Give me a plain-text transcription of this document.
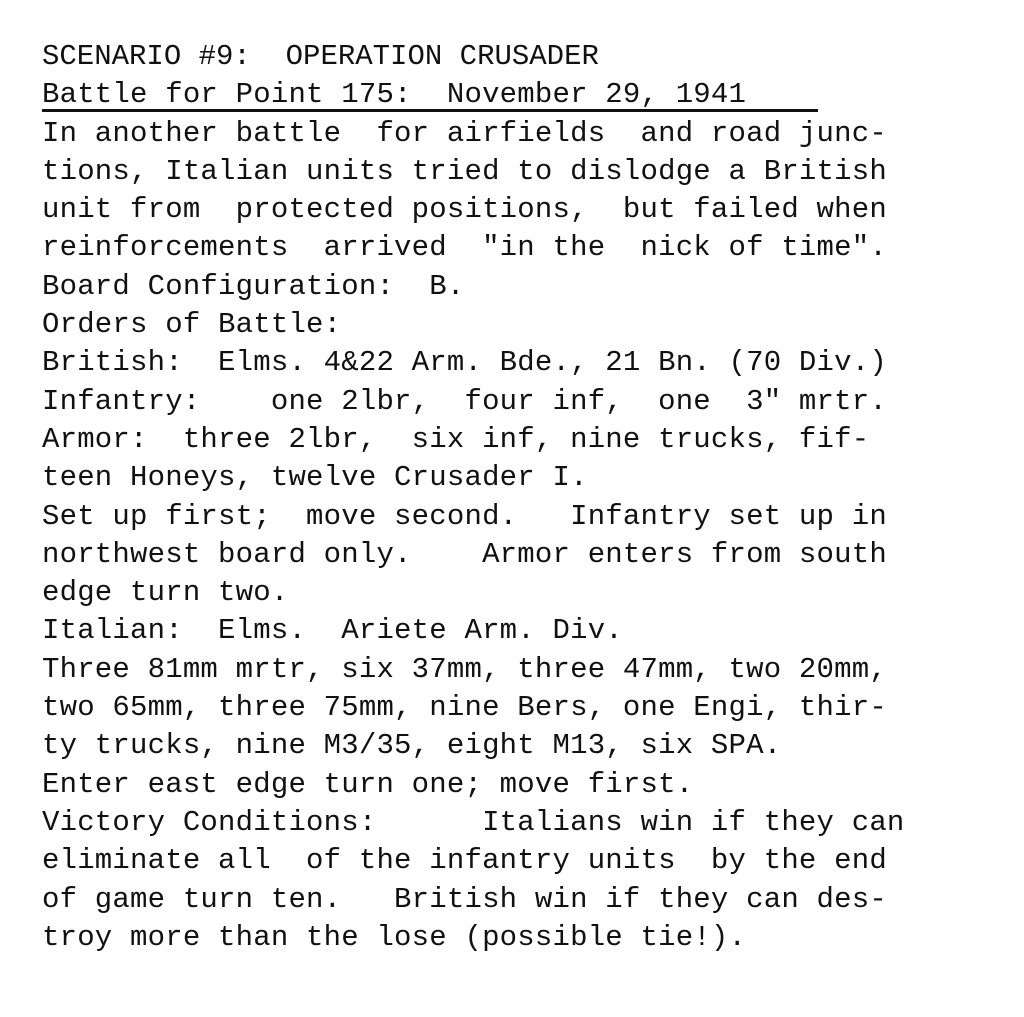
SCENARIO #9:  OPERATION CRUSADER
Battle for Point 175:  November 29, 1941
In another battle  for airfields  and road junc-
tions, Italian units tried to dislodge a British
unit from  protected positions,  but failed when
reinforcements  arrived  "in the  nick of time".
Board Configuration:  B.
Orders of Battle:
British:  Elms. 4&22 Arm. Bde., 21 Bn. (70 Div.)
Infantry:    one 2lbr,  four inf,  one  3" mrtr.
Armor:  three 2lbr,  six inf, nine trucks, fif-
teen Honeys, twelve Crusader I.
Set up first;  move second.   Infantry set up in
northwest board only.    Armor enters from south
edge turn two.
Italian:  Elms.  Ariete Arm. Div.
Three 81mm mrtr, six 37mm, three 47mm, two 20mm,
two 65mm, three 75mm, nine Bers, one Engi, thir-
ty trucks, nine M3/35, eight M13, six SPA.
Enter east edge turn one; move first.
Victory Conditions:      Italians win if they can
eliminate all  of the infantry units  by the end
of game turn ten.   British win if they can des-
troy more than the lose (possible tie!).
